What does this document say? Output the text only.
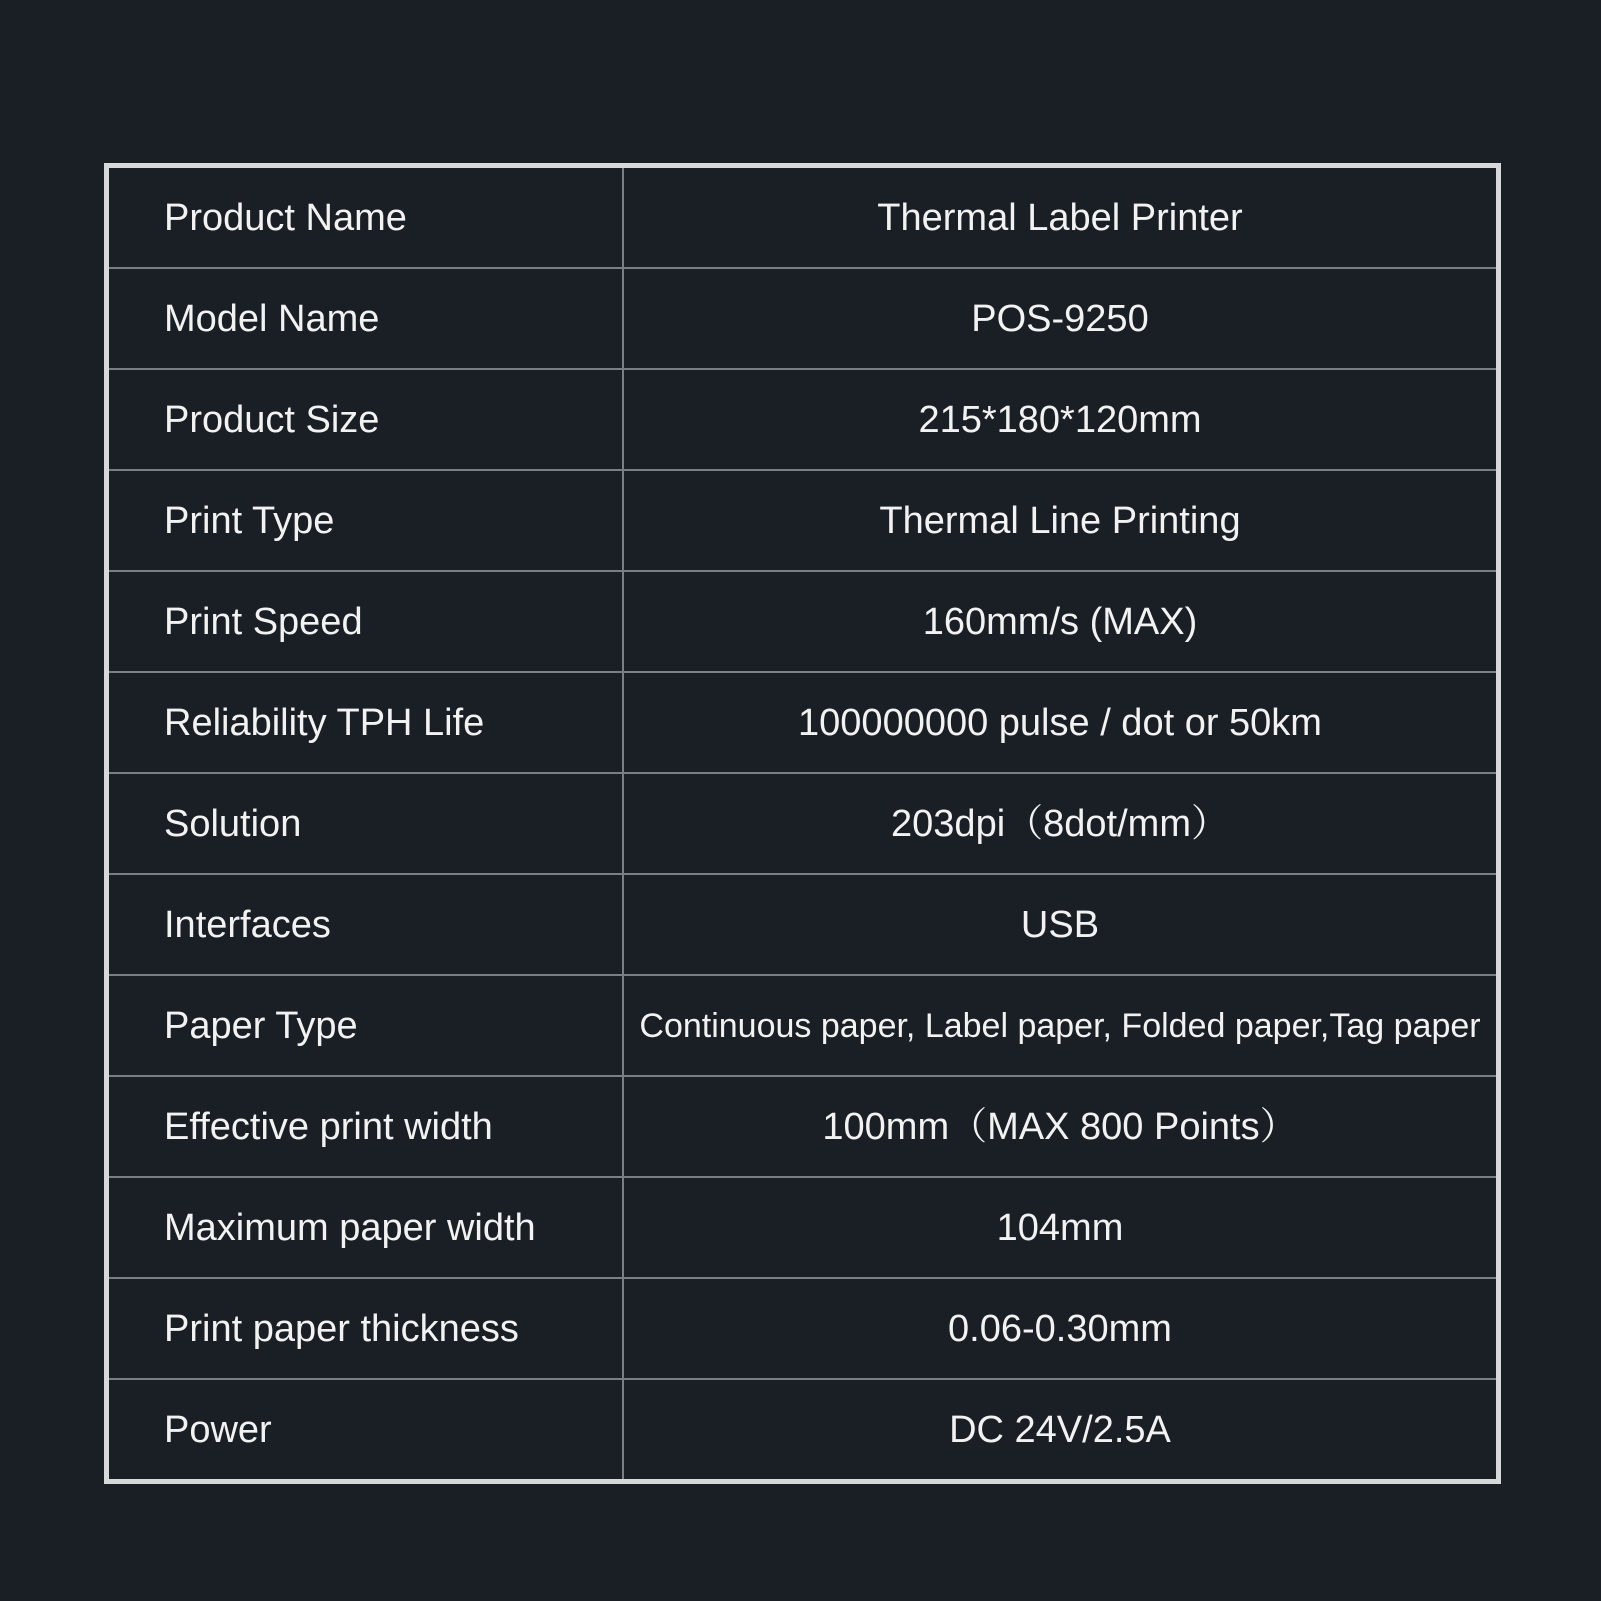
Product Name	Thermal Label Printer
Model Name	POS-9250
Product Size	215*180*120mm
Print Type	Thermal Line Printing
Print Speed	160mm/s (MAX)
Reliability TPH Life	100000000 pulse / dot or 50km
Solution	203dpi（8dot/mm）
Interfaces	USB
Paper Type	Continuous paper, Label paper, Folded paper,Tag paper
Effective print width	100mm（MAX 800 Points）
Maximum paper width	104mm
Print paper thickness	0.06-0.30mm
Power	DC 24V/2.5A
